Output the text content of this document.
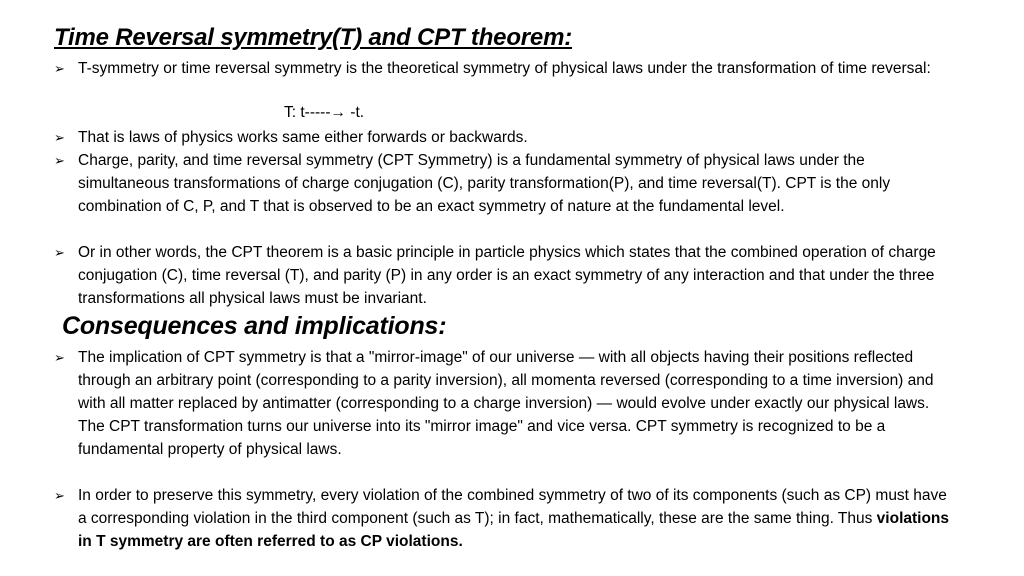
Time Reversal symmetry(T) and CPT theorem:
➢ T-symmetry or time reversal symmetry is the theoretical symmetry of physical laws under the transformation of time reversal:
T: t-----→ -t.
➢ That is laws of physics works same either forwards or backwards.
➢ Charge, parity, and time reversal symmetry (CPT Symmetry) is a fundamental symmetry of physical laws under the simultaneous transformations of charge conjugation (C), parity transformation(P), and time reversal(T). CPT is the only combination of C, P, and T that is observed to be an exact symmetry of nature at the fundamental level.
➢ Or in other words, the CPT theorem is a basic principle in particle physics which states that the combined operation of charge conjugation (C), time reversal (T), and parity (P) in any order is an exact symmetry of any interaction and that under the three transformations all physical laws must be invariant.
Consequences and implications:
➢ The implication of CPT symmetry is that a "mirror-image" of our universe — with all objects having their positions reflected through an arbitrary point (corresponding to a parity inversion), all momenta reversed (corresponding to a time inversion) and with all matter replaced by antimatter (corresponding to a charge inversion) — would evolve under exactly our physical laws. The CPT transformation turns our universe into its "mirror image" and vice versa. CPT symmetry is recognized to be a fundamental property of physical laws.
➢ In order to preserve this symmetry, every violation of the combined symmetry of two of its components (such as CP) must have a corresponding violation in the third component (such as T); in fact, mathematically, these are the same thing. Thus violations in T symmetry are often referred to as CP violations.
